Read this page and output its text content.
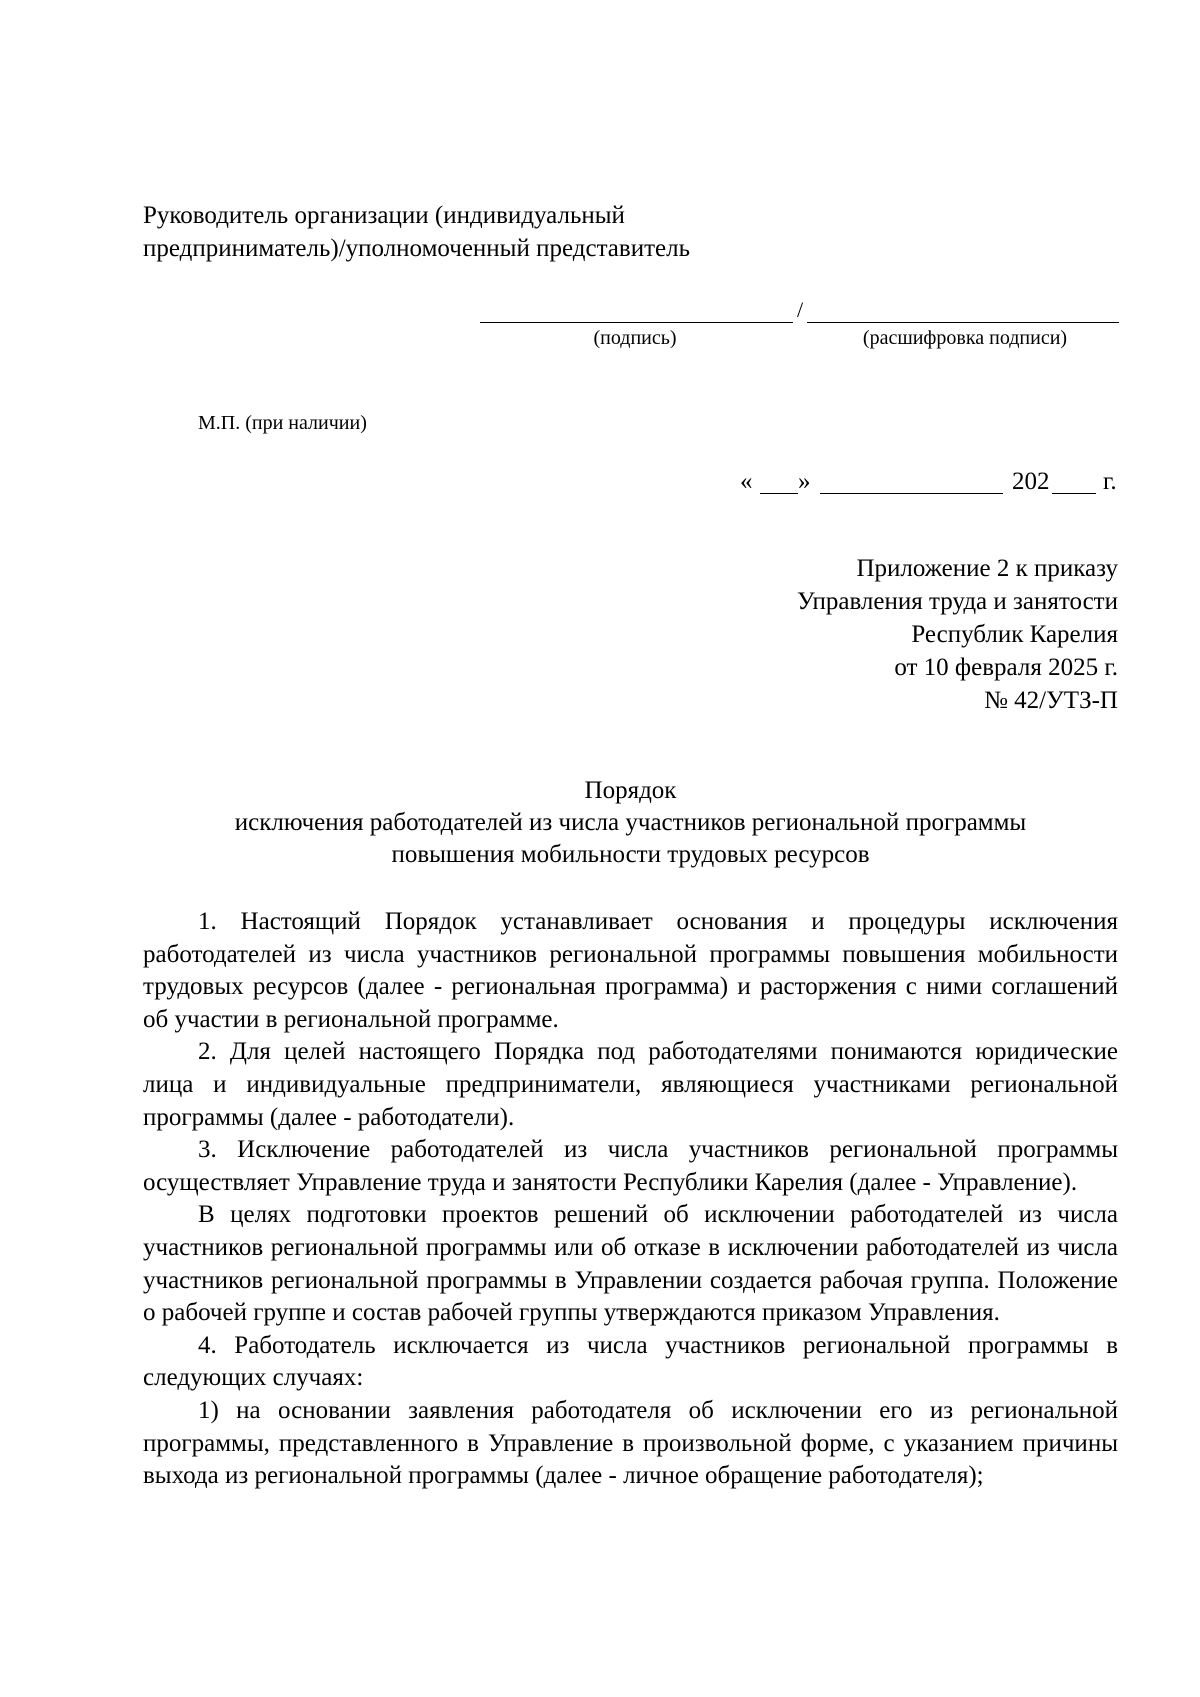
Руководитель организации (индивидуальный
предприниматель)/уполномоченный представитель
/
(подпись)	(расшифровка подписи)
М.П. (при наличии)
« »	202 г.
Приложение 2 к приказу
Управления труда и занятости
Республик Карелия
от 10 февраля 2025 г.
№ 42/УТЗ-П
Порядок
исключения работодателей из числа участников региональной программы
повышения мобильности трудовых ресурсов

1. Настоящий Порядок устанавливает основания и процедуры исключения работодателей из числа участников региональной программы повышения мобильности трудовых ресурсов (далее - региональная программа) и расторжения с ними соглашений об участии в региональной программе.

2. Для целей настоящего Порядка под работодателями понимаются юридические лица и индивидуальные предприниматели, являющиеся участниками региональной программы (далее - работодатели).

3. Исключение работодателей из числа участников региональной программы осуществляет Управление труда и занятости Республики Карелия (далее - Управление).

В целях подготовки проектов решений об исключении работодателей из числа участников региональной программы или об отказе в исключении работодателей из числа участников региональной программы в Управлении создается рабочая группа. Положение о рабочей группе и состав рабочей группы утверждаются приказом Управления.

4. Работодатель исключается из числа участников региональной программы в следующих случаях:

1) на основании заявления работодателя об исключении его из региональной программы, представленного в Управление в произвольной форме, с указанием причины выхода из региональной программы (далее - личное обращение работодателя);
